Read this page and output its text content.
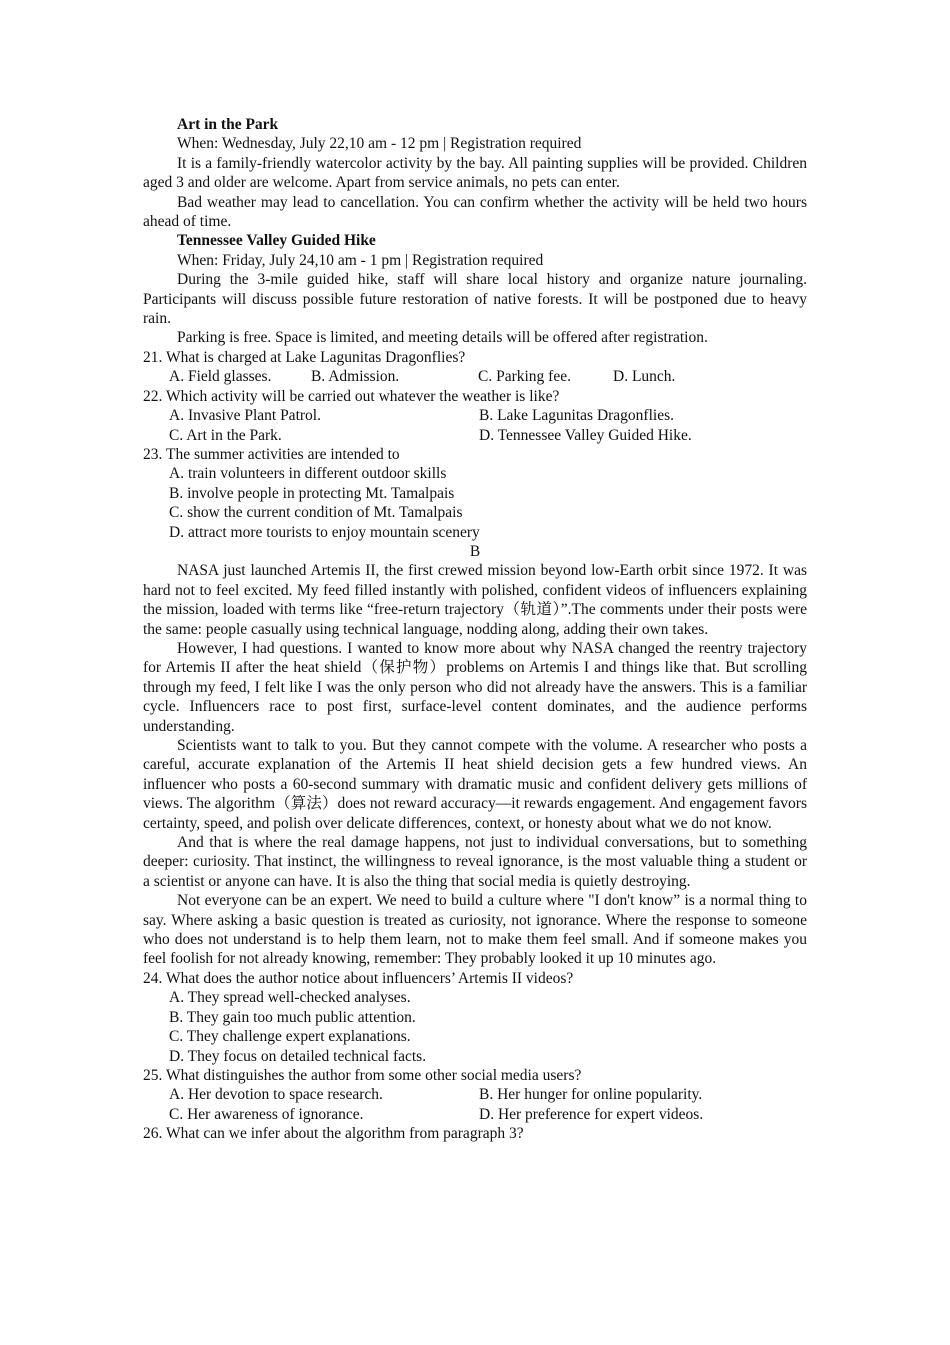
Art in the Park

When: Wednesday, July 22,10 am - 12 pm | Registration required

It is a family-friendly watercolor activity by the bay. All painting supplies will be provided. Children aged 3 and older are welcome. Apart from service animals, no pets can enter.

Bad weather may lead to cancellation. You can confirm whether the activity will be held two hours ahead of time.

Tennessee Valley Guided Hike

When: Friday, July 24,10 am - 1 pm | Registration required

During the 3-mile guided hike, staff will share local history and organize nature journaling. Participants will discuss possible future restoration of native forests. It will be postponed due to heavy rain.

Parking is free. Space is limited, and meeting details will be offered after registration.

21. What is charged at Lake Lagunitas Dragonflies?

A. Field glasses.	B. Admission.	C. Parking fee.	D. Lunch.

22. Which activity will be carried out whatever the weather is like?

A. Invasive Plant Patrol.	B. Lake Lagunitas Dragonflies.
C. Art in the Park.	D. Tennessee Valley Guided Hike.

23. The summer activities are intended to

A. train volunteers in different outdoor skills

B. involve people in protecting Mt. Tamalpais

C. show the current condition of Mt. Tamalpais

D. attract more tourists to enjoy mountain scenery

B

NASA just launched Artemis II, the first crewed mission beyond low-Earth orbit since 1972. It was hard not to feel excited. My feed filled instantly with polished, confident videos of influencers explaining the mission, loaded with terms like “free-return trajectory（轨道）”.The comments under their posts were the same: people casually using technical language, nodding along, adding their own takes.

However, I had questions. I wanted to know more about why NASA changed the reentry trajectory for Artemis II after the heat shield（保护物）problems on Artemis I and things like that. But scrolling through my feed, I felt like I was the only person who did not already have the answers. This is a familiar cycle. Influencers race to post first, surface-level content dominates, and the audience performs understanding.

Scientists want to talk to you. But they cannot compete with the volume. A researcher who posts a careful, accurate explanation of the Artemis II heat shield decision gets a few hundred views. An influencer who posts a 60-second summary with dramatic music and confident delivery gets millions of views. The algorithm（算法）does not reward accuracy—it rewards engagement. And engagement favors certainty, speed, and polish over delicate differences, context, or honesty about what we do not know.

And that is where the real damage happens, not just to individual conversations, but to something deeper: curiosity. That instinct, the willingness to reveal ignorance, is the most valuable thing a student or a scientist or anyone can have. It is also the thing that social media is quietly destroying.

Not everyone can be an expert. We need to build a culture where "I don't know” is a normal thing to say. Where asking a basic question is treated as curiosity, not ignorance. Where the response to someone who does not understand is to help them learn, not to make them feel small. And if someone makes you feel foolish for not already knowing, remember: They probably looked it up 10 minutes ago.

24. What does the author notice about influencers’ Artemis II videos?

A. They spread well-checked analyses.

B. They gain too much public attention.

C. They challenge expert explanations.

D. They focus on detailed technical facts.

25. What distinguishes the author from some other social media users?

A. Her devotion to space research.	B. Her hunger for online popularity.
C. Her awareness of ignorance.	D. Her preference for expert videos.

26. What can we infer about the algorithm from paragraph 3?
